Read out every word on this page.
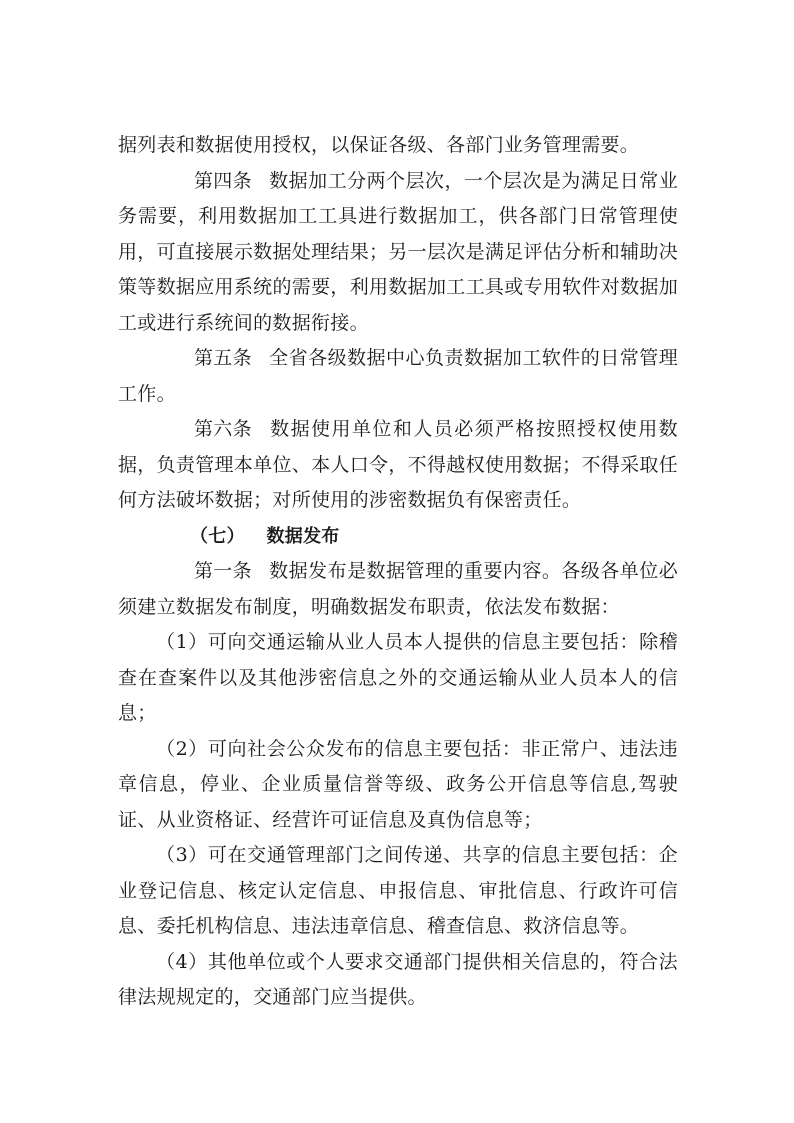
据列表和数据使用授权，以保证各级、各部门业务管理需要。

第四条 数据加工分两个层次，一个层次是为满足日常业务需要，利用数据加工工具进行数据加工，供各部门日常管理使用，可直接展示数据处理结果；另一层次是满足评估分析和辅助决策等数据应用系统的需要，利用数据加工工具或专用软件对数据加工或进行系统间的数据衔接。

第五条 全省各级数据中心负责数据加工软件的日常管理工作。

第六条 数据使用单位和人员必须严格按照授权使用数据，负责管理本单位、本人口令，不得越权使用数据；不得采取任何方法破坏数据；对所使用的涉密数据负有保密责任。

（七） 数据发布

第一条 数据发布是数据管理的重要内容。各级各单位必须建立数据发布制度，明确数据发布职责，依法发布数据：

（1）可向交通运输从业人员本人提供的信息主要包括：除稽查在查案件以及其他涉密信息之外的交通运输从业人员本人的信息；

（2）可向社会公众发布的信息主要包括：非正常户、违法违章信息，停业、企业质量信誉等级、政务公开信息等信息,驾驶证、从业资格证、经营许可证信息及真伪信息等；

（3）可在交通管理部门之间传递、共享的信息主要包括：企业登记信息、核定认定信息、申报信息、审批信息、行政许可信息、委托机构信息、违法违章信息、稽查信息、救济信息等。

（4）其他单位或个人要求交通部门提供相关信息的，符合法律法规规定的，交通部门应当提供。
